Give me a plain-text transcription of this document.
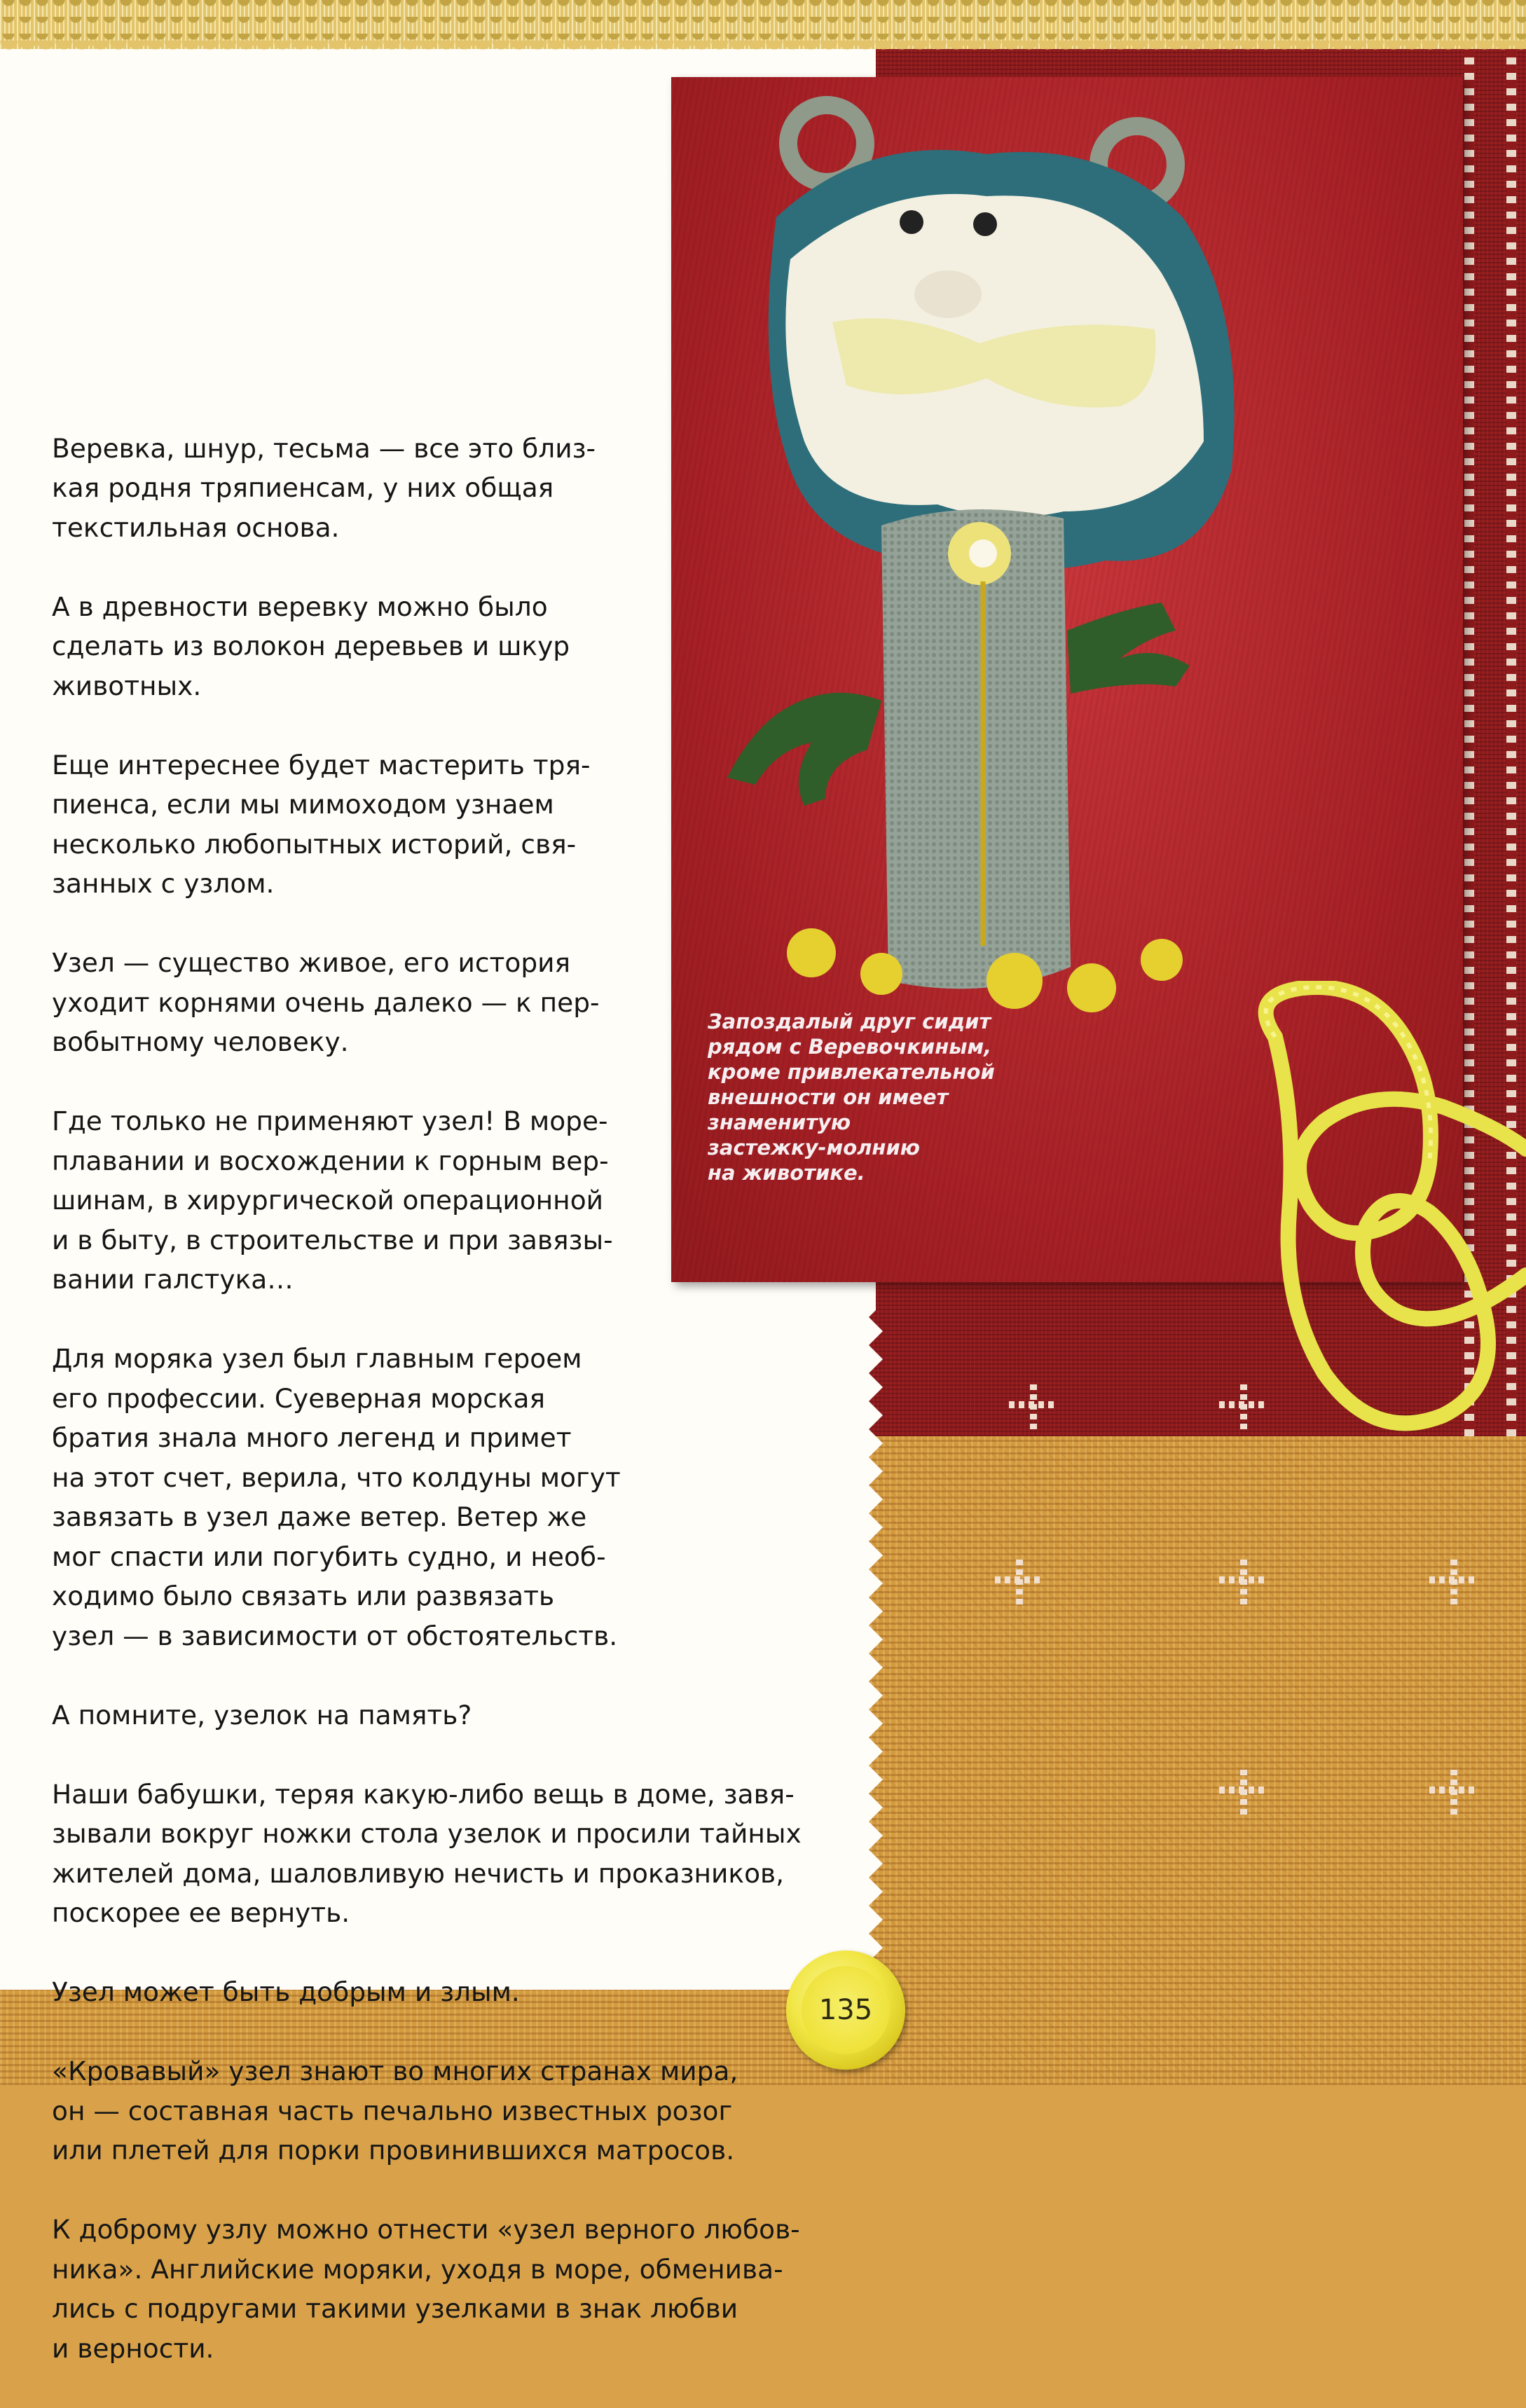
Запоздалый друг сидит
рядом с Веревочкиным,
кроме привлекательной
внешности он имеет
знаменитую
застежку-молнию
на животике.

Веревка, шнур, тесьма — все это близ-
кая родня тряпиенсам, у них общая
текстильная основа.

А в древности веревку можно было
сделать из волокон деревьев и шкур
животных.

Еще интереснее будет мастерить тря-
пиенса, если мы мимоходом узнаем
несколько любопытных историй, свя-
занных с узлом.

Узел — существо живое, его история
уходит корнями очень далеко — к пер-
вобытному человеку.

Где только не применяют узел! В море-
плавании и восхождении к горным вер-
шинам, в хирургической операционной
и в быту, в строительстве и при завязы-
вании галстука…

Для моряка узел был главным героем
его профессии. Суеверная морская
братия знала много легенд и примет
на этот счет, верила, что колдуны могут
завязать в узел даже ветер. Ветер же
мог спасти или погубить судно, и необ-
ходимо было связать или развязать
узел — в зависимости от обстоятельств.

А помните, узелок на память?

Наши бабушки, теряя какую-либо вещь в доме, завя-
зывали вокруг ножки стола узелок и просили тайных
жителей дома, шаловливую нечисть и проказников,
поскорее ее вернуть.

Узел может быть добрым и злым.

«Кровавый» узел знают во многих странах мира,
он — составная часть печально известных розог
или плетей для порки провинившихся матросов.

К доброму узлу можно отнести «узел верного любов-
ника». Английские моряки, уходя в море, обменива-
лись с подругами такими узелками в знак любви
и верности.

135
